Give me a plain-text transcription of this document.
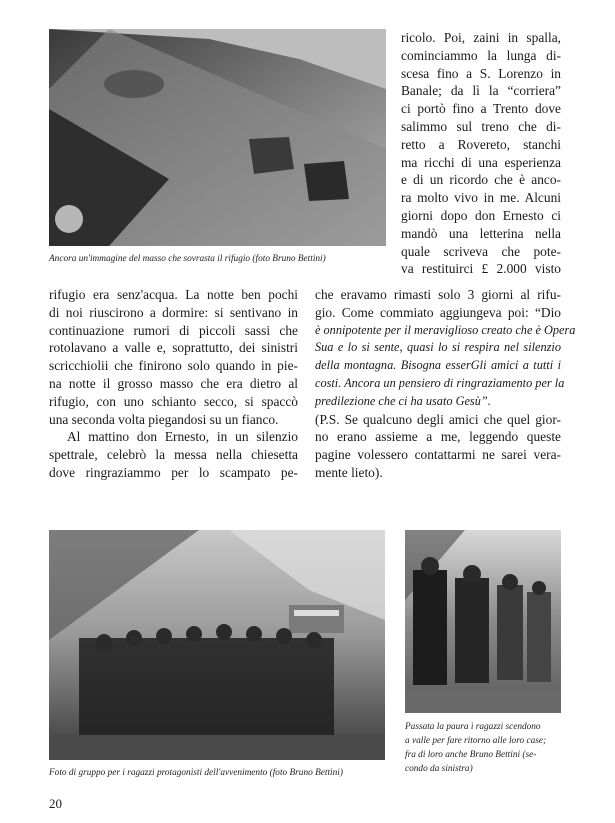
Ancora un'immagine del masso che sovrasta il rifugio (foto Bruno Bettini)
ricolo. Poi, zaini in spalla,
cominciammo la lunga di-
scesa fino a S. Lorenzo in
Banale; da lì la “corriera”
ci portò fino a Trento dove
salimmo sul treno che di-
retto a Rovereto, stanchi
ma ricchi di una esperienza
e di un ricordo che è anco-
ra molto vivo in me. Alcuni
giorni dopo don Ernesto ci
mandò una letterina nella
quale scriveva che pote-
va restituirci £ 2.000 visto
rifugio era senz'acqua. La notte ben pochi
di noi riuscirono a dormire: si sentivano in
continuazione rumori di piccoli sassi che
rotolavano a valle e, soprattutto, dei sinistri
scricchiolii che finirono solo quando in pie-
na notte il grosso masso che era dietro al
rifugio, con uno schianto secco, si spaccò
una seconda volta piegandosi su un fianco.
Al mattino don Ernesto, in un silenzio
spettrale, celebrò la messa nella chiesetta
dove ringraziammo per lo scampato pe-
che eravamo rimasti solo 3 giorni al rifu-
gio. Come commiato aggiungeva poi: “Dio
è onnipotente per il meraviglioso creato che è Opera
Sua e lo si sente, quasi lo si respira nel silenzio
della montagna. Bisogna esserGli amici a tutti i
costi. Ancora un pensiero di ringraziamento per la
predilezione che ci ha usato Gesù”.
(P.S. Se qualcuno degli amici che quel gior-
no erano assieme a me, leggendo queste
pagine volessero contattarmi ne sarei vera-
mente lieto).
Foto di gruppo per i ragazzi protagonisti dell'avvenimento (foto Bruno Bettini)
Passata la paura i ragazzi scendono
a valle per fare ritorno alle loro case;
fra di loro anche Bruno Bettini (se-
condo da sinistra)
20
